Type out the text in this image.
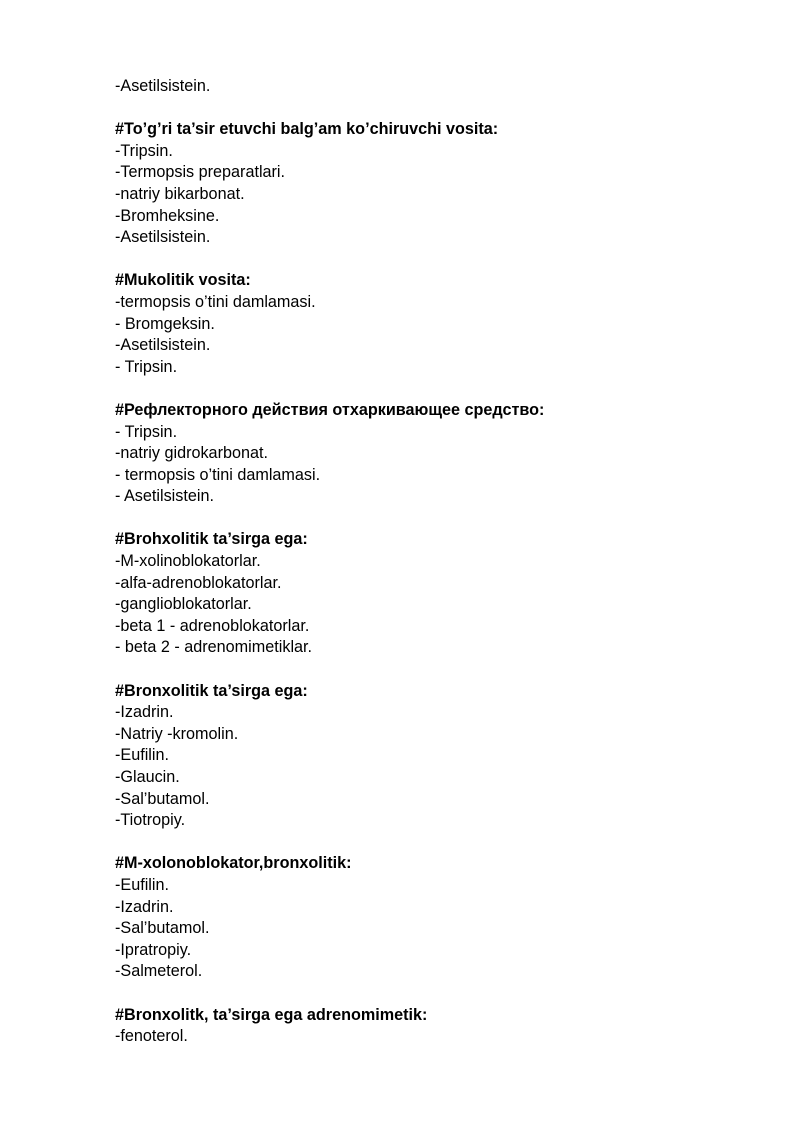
-Asetilsistein.
#To’g’ri ta’sir etuvchi balg’am ko’chiruvchi vosita:
-Tripsin.
-Termopsis preparatlari.
-natriy bikarbonat.
-Bromheksine.
-Asetilsistein.
#Mukolitik vosita:
-termopsis o’tini damlamasi.
- Bromgeksin.
-Asetilsistein.
- Tripsin.
#Рефлекторного действия отхаркивающее средство:
- Tripsin.
-natriy gidrokarbonat.
- termopsis o’tini damlamasi.
- Asetilsistein.
#Brohxolitik ta’sirga ega:
-M-xolinoblokatorlar.
-alfa-adrenoblokatorlar.
-ganglioblokatorlar.
-beta 1 - adrenoblokatorlar.
- beta 2 - adrenomimetiklar.
#Bronxolitik ta’sirga ega:
-Izadrin.
-Natriy -kromolin.
-Eufilin.
-Glaucin.
-Sal’butamol.
-Tiotropiy.
#M-xolonoblokator,bronxolitik:
-Eufilin.
-Izadrin.
-Sal’butamol.
-Ipratropiy.
-Salmeterol.
#Bronxolitk, ta’sirga ega adrenomimetik:
-fenoterol.
